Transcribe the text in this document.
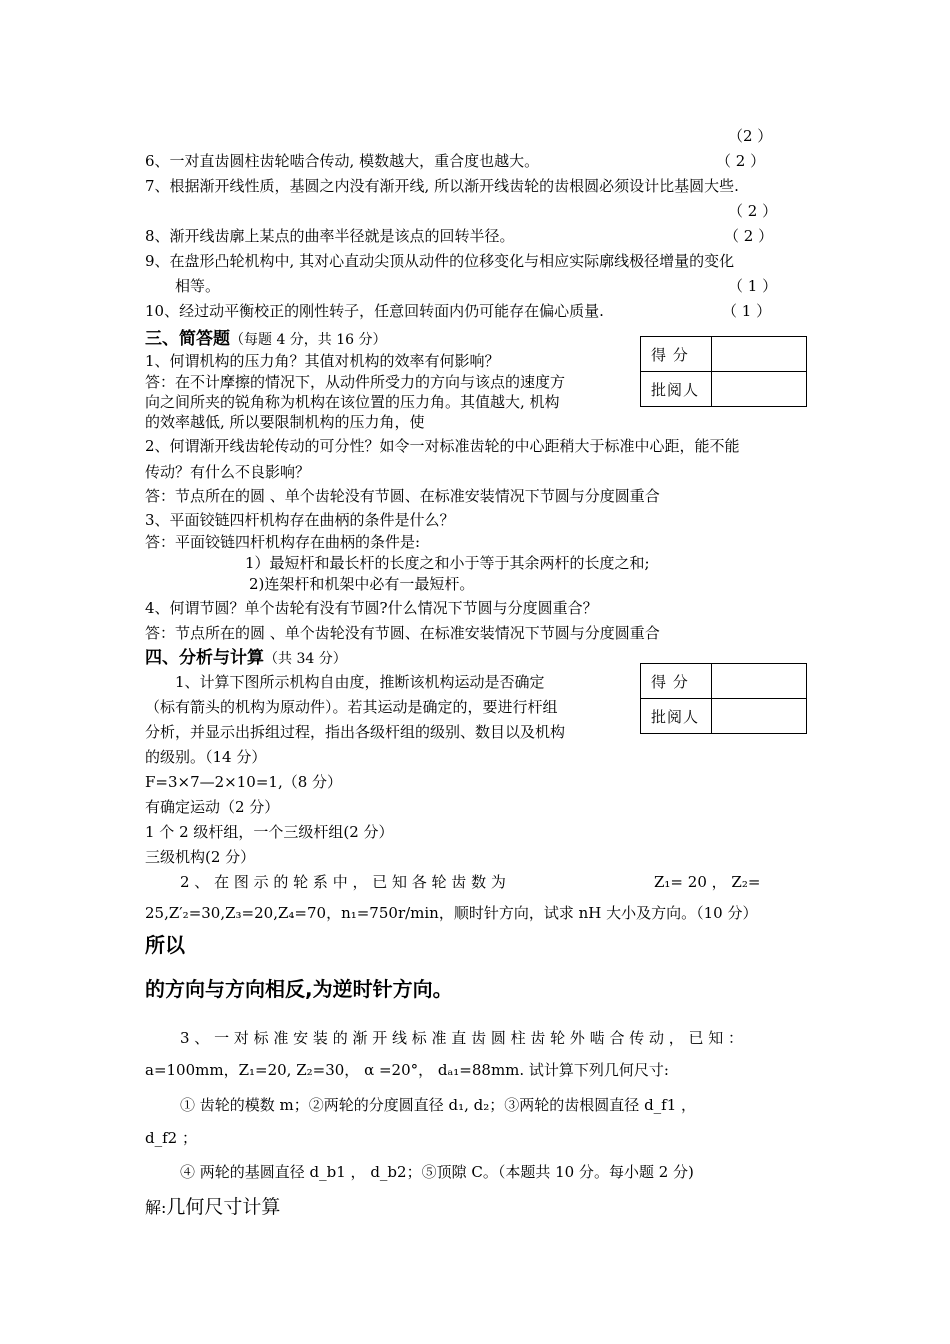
（2 ）
6、一对直齿圆柱齿轮啮合传动, 模数越大，重合度也越大。	（ 2 ）
7、根据渐开线性质，基圆之内没有渐开线, 所以渐开线齿轮的齿根圆必须设计比基圆大些.
（ 2 ）
8、渐开线齿廓上某点的曲率半径就是该点的回转半径。	（ 2 ）
9、在盘形凸轮机构中, 其对心直动尖顶从动件的位移变化与相应实际廓线极径增量的变化
相等。	（ 1 ）
10、经过动平衡校正的刚性转子，任意回转面内仍可能存在偏心质量.	（ 1 ）
三、简答题（每题 4 分，共 16 分）
得 分	
批阅人	
1、何谓机构的压力角？其值对机构的效率有何影响？
答：在不计摩擦的情况下，从动件所受力的方向与该点的速度方
向之间所夹的锐角称为机构在该位置的压力角。其值越大, 机构
的效率越低, 所以要限制机构的压力角，使
2、何谓渐开线齿轮传动的可分性？如令一对标准齿轮的中心距稍大于标准中心距，能不能
传动？有什么不良影响？
答：节点所在的圆 、单个齿轮没有节圆、在标准安装情况下节圆与分度圆重合
3、平面铰链四杆机构存在曲柄的条件是什么？
答：平面铰链四杆机构存在曲柄的条件是:
1）最短杆和最长杆的长度之和小于等于其余两杆的长度之和;
2)连架杆和机架中必有一最短杆。
4、何谓节圆？单个齿轮有没有节圆?什么情况下节圆与分度圆重合？
答：节点所在的圆 、单个齿轮没有节圆、在标准安装情况下节圆与分度圆重合
四、分析与计算（共 34 分）
得 分	
批阅人	
1、计算下图所示机构自由度，推断该机构运动是否确定
（标有箭头的机构为原动件）。若其运动是确定的，要进行杆组
分析，并显示出拆组过程，指出各级杆组的级别、数目以及机构
的级别。（14 分）
F=3×7—2×10=1,（8 分）
有确定运动（2 分）
1 个 2 级杆组，一个三级杆组(2 分）
三级机构(2 分）
2 、 在 图 示 的 轮 系 中 ， 已 知 各 轮 齿 数 为	Z₁= 20 ， Z₂=
25,Z′₂=30,Z₃=20,Z₄=70，n₁=750r/min，顺时针方向，试求 nH 大小及方向。（10 分）
所以
的方向与方向相反,为逆时针方向。
3 、 一 对 标 准 安 装 的 渐 开 线 标 准 直 齿 圆 柱 齿 轮 外 啮 合 传 动 ， 已 知 ：
a=100mm，Z₁=20, Z₂=30， α =20°， dₐ₁=88mm. 试计算下列几何尺寸:
① 齿轮的模数 m；②两轮的分度圆直径 d₁, d₂；③两轮的齿根圆直径 d_f1 ，
d_f2 ；
④ 两轮的基圆直径 d_b1 ， d_b2；⑤顶隙 C。（本题共 10 分。每小题 2 分)
解:几何尺寸计算
